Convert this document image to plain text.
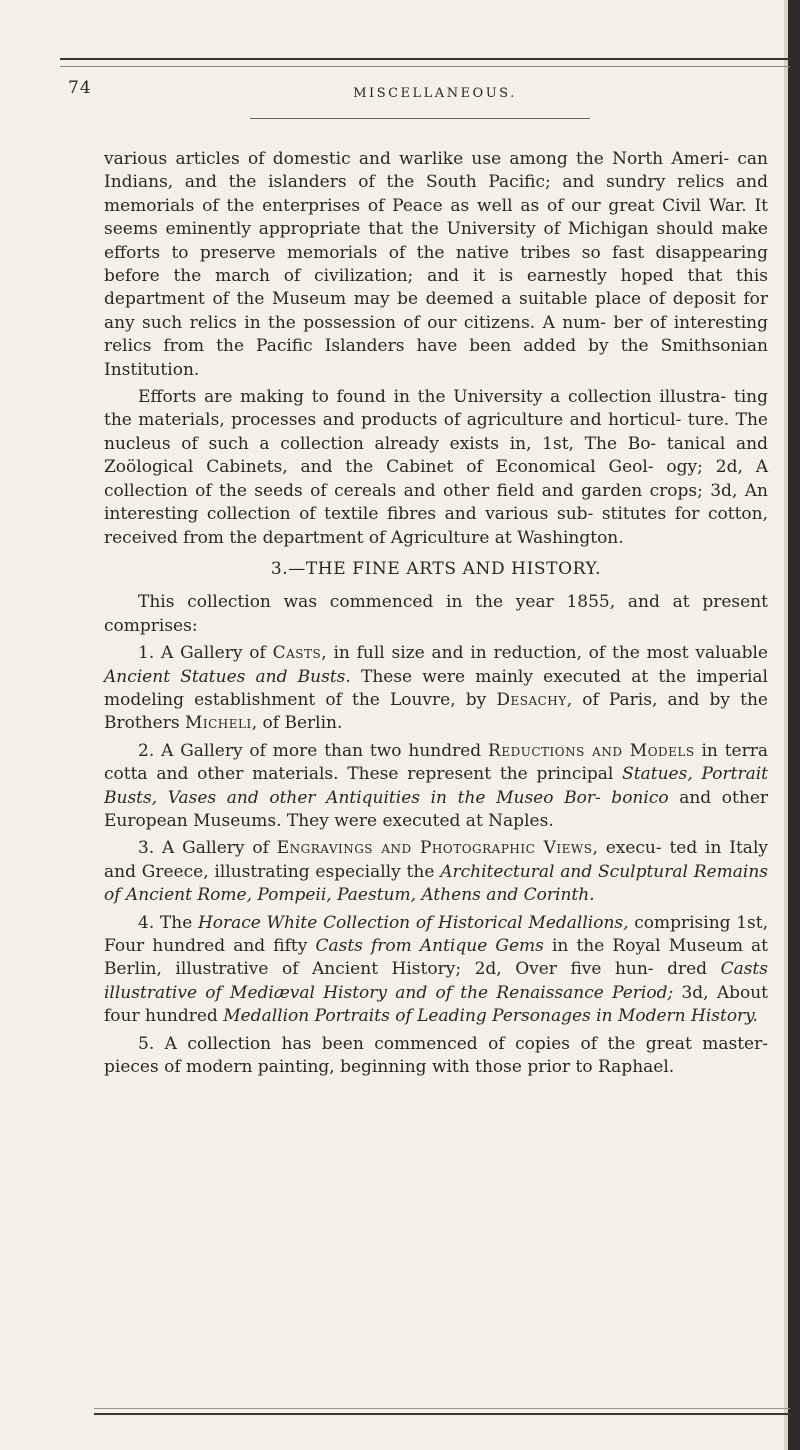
74	MISCELLANEOUS.

various articles of domestic and warlike use among the North Ameri- can Indians, and the islanders of the South Pacific; and sundry relics and memorials of the enterprises of Peace as well as of our great Civil War. It seems eminently appropriate that the University of Michigan should make efforts to preserve memorials of the native tribes so fast disappearing before the march of civilization; and it is earnestly hoped that this department of the Museum may be deemed a suitable place of deposit for any such relics in the possession of our citizens. A num- ber of interesting relics from the Pacific Islanders have been added by the Smithsonian Institution.

Efforts are making to found in the University a collection illustra- ting the materials, processes and products of agriculture and horticul- ture. The nucleus of such a collection already exists in, 1st, The Bo- tanical and Zoölogical Cabinets, and the Cabinet of Economical Geol- ogy; 2d, A collection of the seeds of cereals and other field and garden crops; 3d, An interesting collection of textile fibres and various sub- stitutes for cotton, received from the department of Agriculture at Washington.

3.—THE FINE ARTS AND HISTORY.

This collection was commenced in the year 1855, and at present comprises:

1. A Gallery of Casts, in full size and in reduction, of the most valuable Ancient Statues and Busts. These were mainly executed at the imperial modeling establishment of the Louvre, by Desachy, of Paris, and by the Brothers Micheli, of Berlin.

2. A Gallery of more than two hundred Reductions and Models in terra cotta and other materials. These represent the principal Statues, Portrait Busts, Vases and other Antiquities in the Museo Bor- bonico and other European Museums. They were executed at Naples.

3. A Gallery of Engravings and Photographic Views, execu- ted in Italy and Greece, illustrating especially the Architectural and Sculptural Remains of Ancient Rome, Pompeii, Paestum, Athens and Corinth.

4. The Horace White Collection of Historical Medallions, comprising 1st, Four hundred and fifty Casts from Antique Gems in the Royal Museum at Berlin, illustrative of Ancient History; 2d, Over five hun- dred Casts illustrative of Mediæval History and of the Renaissance Period; 3d, About four hundred Medallion Portraits of Leading Personages in Modern History.

5. A collection has been commenced of copies of the great master- pieces of modern painting, beginning with those prior to Raphael.
